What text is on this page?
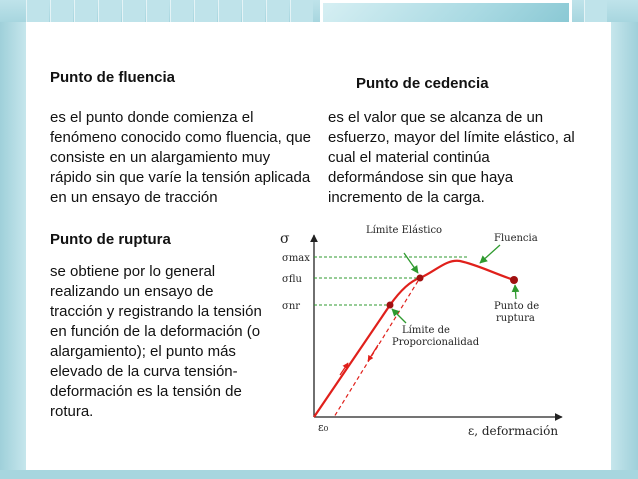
Punto de fluencia
es el punto donde comienza el
fenómeno conocido como fluencia, que
consiste en un alargamiento muy
rápido sin que varíe la tensión aplicada
en un ensayo de tracción
Punto de cedencia
es el valor que se alcanza de un
esfuerzo, mayor del límite elástico, al
cual el material continúa
deformándose sin que haya
incremento de la carga.
Punto de ruptura
se obtiene por lo general
realizando un ensayo de
tracción y registrando la tensión
en función de la deformación (o
alargamiento); el punto más
elevado de la curva tensión-
deformación es la tensión de
rotura.
σ
σmax
σflu
σnr
Límite Elástico
Fluencia
Límite de
Proporcionalidad
Punto de
ruptura
ε₀	ε, deformación
